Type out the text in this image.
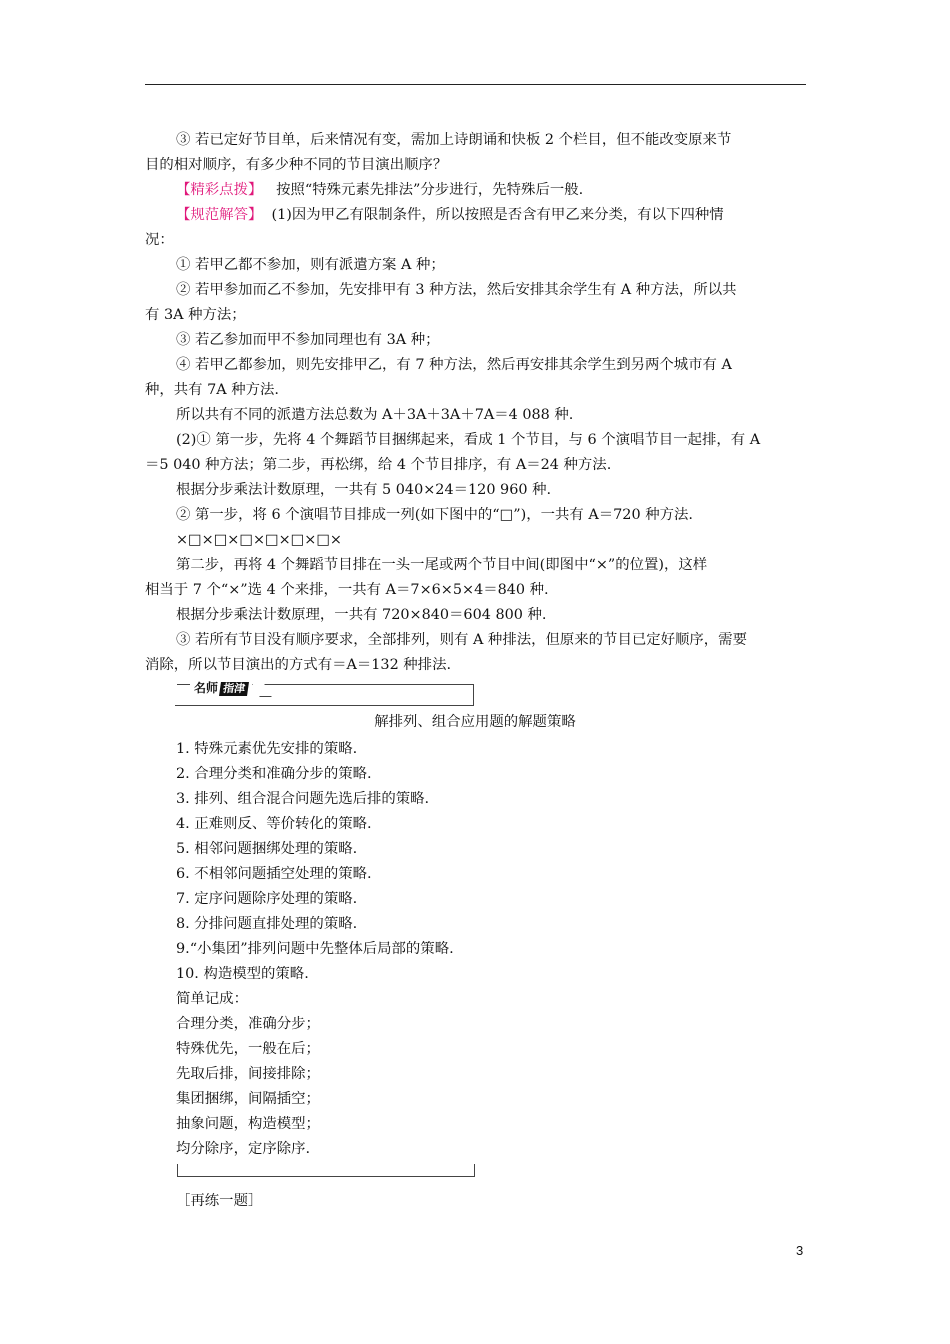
③ 若已定好节目单，后来情况有变，需加上诗朗诵和快板 2 个栏目，但不能改变原来节
目的相对顺序，有多少种不同的节目演出顺序？
【精彩点拨】 按照“特殊元素先排法”分步进行，先特殊后一般.
【规范解答】 (1)因为甲乙有限制条件，所以按照是否含有甲乙来分类，有以下四种情
况：
① 若甲乙都不参加，则有派遣方案 A 种；
② 若甲参加而乙不参加，先安排甲有 3 种方法，然后安排其余学生有 A 种方法，所以共
有 3A 种方法；
③ 若乙参加而甲不参加同理也有 3A 种；
④ 若甲乙都参加，则先安排甲乙，有 7 种方法，然后再安排其余学生到另两个城市有 A
种，共有 7A 种方法.
所以共有不同的派遣方法总数为 A＋3A＋3A＋7A＝4 088 种.
(2)① 第一步，先将 4 个舞蹈节目捆绑起来，看成 1 个节目，与 6 个演唱节目一起排，有 A
＝5 040 种方法；第二步，再松绑，给 4 个节目排序，有 A＝24 种方法.
根据分步乘法计数原理，一共有 5 040×24＝120 960 种.
② 第一步，将 6 个演唱节目排成一列(如下图中的“□”)，一共有 A＝720 种方法.
×□×□×□×□×□×□×
第二步，再将 4 个舞蹈节目排在一头一尾或两个节目中间(即图中“×”的位置)，这样
相当于 7 个“×”选 4 个来排，一共有 A＝7×6×5×4＝840 种.
根据分步乘法计数原理，一共有 720×840＝604 800 种.
③ 若所有节目没有顺序要求，全部排列，则有 A 种排法，但原来的节目已定好顺序，需要
消除，所以节目演出的方式有＝A＝132 种排法.
名师 指津
解排列、组合应用题的解题策略
1. 特殊元素优先安排的策略.
2. 合理分类和准确分步的策略.
3. 排列、组合混合问题先选后排的策略.
4. 正难则反、等价转化的策略.
5. 相邻问题捆绑处理的策略.
6. 不相邻问题插空处理的策略.
7. 定序问题除序处理的策略.
8. 分排问题直排处理的策略.
9.“小集团”排列问题中先整体后局部的策略.
10. 构造模型的策略.
简单记成：
合理分类，准确分步；
特殊优先，一般在后；
先取后排，间接排除；
集团捆绑，间隔插空；
抽象问题，构造模型；
均分除序，定序除序.
［再练一题］
3
